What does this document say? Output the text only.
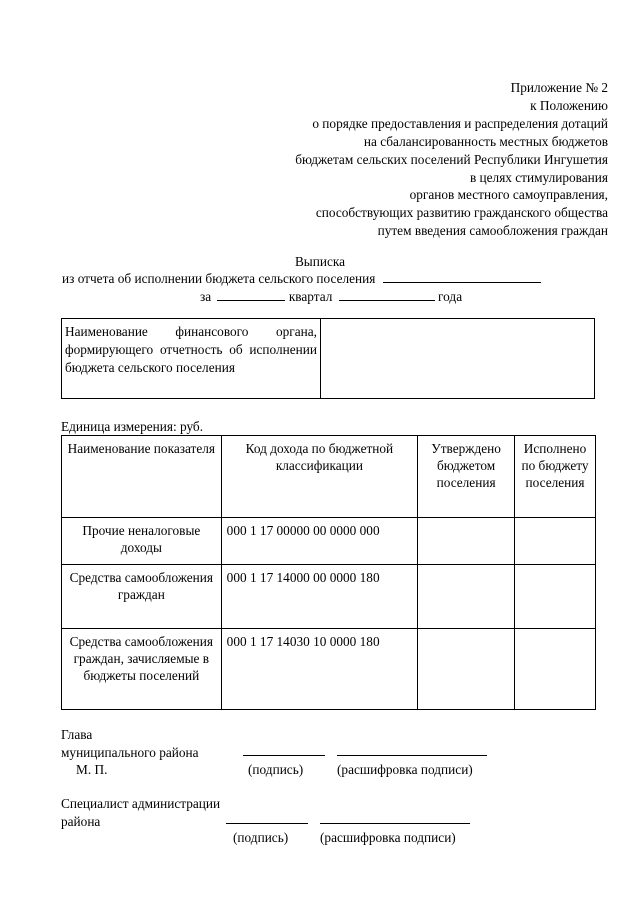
Приложение № 2
к Положению
о порядке предоставления и распределения дотаций
на сбалансированность местных бюджетов
бюджетам сельских поселений Республики Ингушетия
в целях стимулирования
органов местного самоуправления,
способствующих развитию гражданского общества
путем введения самообложения граждан
Выписка
из отчета об исполнении бюджета сельского поселения
за	квартал	года
Наименование финансового органа, формирующего отчетность об исполнении бюджета сельского поселения	
Единица измерения: руб.
Наименование показателя	Код дохода по бюджетной классификации	Утверждено бюджетом поселения	Исполнено по бюджету поселения
Прочие неналоговые доходы	000 1 17 00000 00 0000 000		
Средства самообложения граждан	000 1 17 14000 00 0000 180		
Средства самообложения граждан, зачисляемые в бюджеты поселений	000 1 17 14030 10 0000 180		
Глава
муниципального района
М. П.	(подпись)	(расшифровка подписи)
Специалист администрации
района
(подпись) (расшифровка подписи)
